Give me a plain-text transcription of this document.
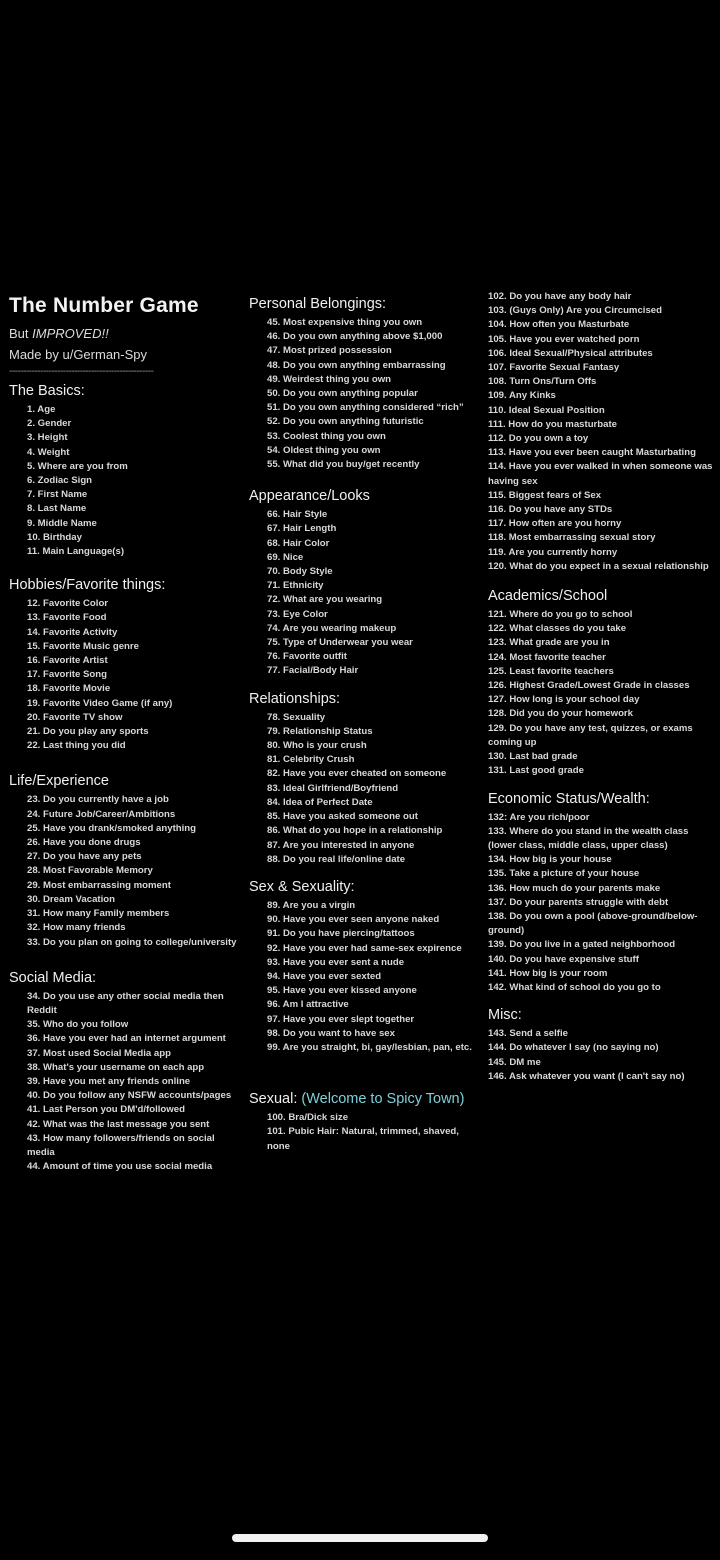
The Number Game
But IMPROVED!!
Made by u/German-Spy
---------------------------------------------------
The Basics:
1. Age
2. Gender
3. Height
4. Weight
5. Where are you from
6. Zodiac Sign
7. First Name
8. Last Name
9. Middle Name
10. Birthday
11. Main Language(s)
Hobbies/Favorite things:
12. Favorite Color
13. Favorite Food
14. Favorite Activity
15. Favorite Music genre
16. Favorite Artist
17. Favorite Song
18. Favorite Movie
19. Favorite Video Game (if any)
20. Favorite TV show
21. Do you play any sports
22. Last thing you did
Life/Experience
23. Do you currently have a job
24. Future Job/Career/Ambitions
25. Have you drank/smoked anything
26. Have you done drugs
27. Do you have any pets
28. Most Favorable Memory
29. Most embarrassing moment
30. Dream Vacation
31. How many Family members
32. How many friends
33. Do you plan on going to college/university
Social Media:
34. Do you use any other social media then Reddit
35. Who do you follow
36. Have you ever had an internet argument
37. Most used Social Media app
38. What's your username on each app
39. Have you met any friends online
40. Do you follow any NSFW accounts/pages
41. Last Person you DM'd/followed
42. What was the last message you sent
43. How many followers/friends on social media
44. Amount of time you use social media
Personal Belongings:
45. Most expensive thing you own
46. Do you own anything above $1,000
47. Most prized possession
48. Do you own anything embarrassing
49. Weirdest thing you own
50. Do you own anything popular
51. Do you own anything considered “rich”
52. Do you own anything futuristic
53. Coolest thing you own
54. Oldest thing you own
55. What did you buy/get recently
Appearance/Looks
66. Hair Style
67. Hair Length
68. Hair Color
69. Nice
70. Body Style
71. Ethnicity
72. What are you wearing
73. Eye Color
74. Are you wearing makeup
75. Type of Underwear you wear
76. Favorite outfit
77. Facial/Body Hair
Relationships:
78. Sexuality
79. Relationship Status
80. Who is your crush
81. Celebrity Crush
82. Have you ever cheated on someone
83. Ideal Girlfriend/Boyfriend
84. Idea of Perfect Date
85. Have you asked someone out
86. What do you hope in a relationship
87. Are you interested in anyone
88. Do you real life/online date
Sex & Sexuality:
89. Are you a virgin
90. Have you ever seen anyone naked
91. Do you have piercing/tattoos
92. Have you ever had same-sex expirence
93. Have you ever sent a nude
94. Have you ever sexted
95. Have you ever kissed anyone
96. Am I attractive
97. Have you ever slept together
98. Do you want to have sex
99. Are you straight, bi, gay/lesbian, pan, etc.
Sexual: (Welcome to Spicy Town)
100. Bra/Dick size
101. Pubic Hair: Natural, trimmed, shaved, none
102. Do you have any body hair
103. (Guys Only) Are you Circumcised
104. How often you Masturbate
105. Have you ever watched porn
106. Ideal Sexual/Physical attributes
107. Favorite Sexual Fantasy
108. Turn Ons/Turn Offs
109. Any Kinks
110. Ideal Sexual Position
111. How do you masturbate
112. Do you own a toy
113. Have you ever been caught Masturbating
114. Have you ever walked in when someone was having sex
115. Biggest fears of Sex
116. Do you have any STDs
117. How often are you horny
118. Most embarrassing sexual story
119. Are you currently horny
120. What do you expect in a sexual relationship
Academics/School
121. Where do you go to school
122. What classes do you take
123. What grade are you in
124. Most favorite teacher
125. Least favorite teachers
126. Highest Grade/Lowest Grade in classes
127. How long is your school day
128. Did you do your homework
129. Do you have any test, quizzes, or exams coming up
130. Last bad grade
131. Last good grade
Economic Status/Wealth:
132: Are you rich/poor
133. Where do you stand in the wealth class (lower class, middle class, upper class)
134. How big is your house
135. Take a picture of your house
136. How much do your parents make
137. Do your parents struggle with debt
138. Do you own a pool (above-ground/below-ground)
139. Do you live in a gated neighborhood
140. Do you have expensive stuff
141. How big is your room
142. What kind of school do you go to
Misc:
143. Send a selfie
144. Do whatever I say (no saying no)
145. DM me
146. Ask whatever you want (I can't say no)
